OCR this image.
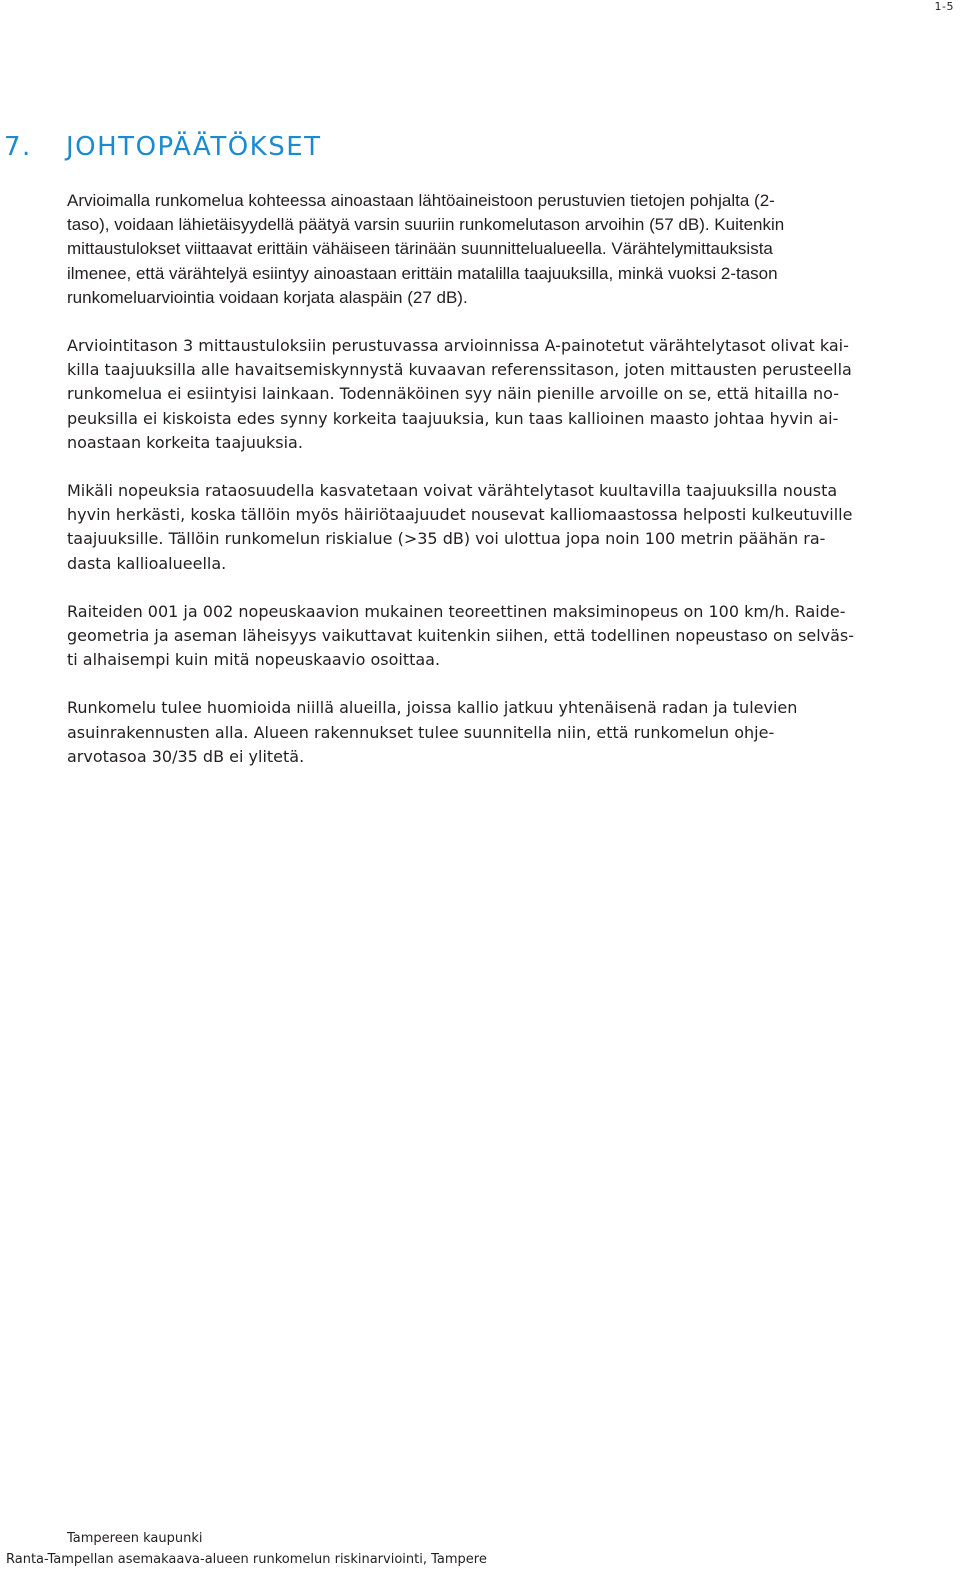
1-5
7. JOHTOPÄÄTÖKSET

Arvioimalla runkomelua kohteessa ainoastaan lähtöaineistoon perustuvien tietojen pohjalta (2-
taso), voidaan lähietäisyydellä päätyä varsin suuriin runkomelutason arvoihin (57 dB). Kuitenkin
mittaustulokset viittaavat erittäin vähäiseen tärinään suunnittelualueella. Värähtelymittauksista
ilmenee, että värähtelyä esiintyy ainoastaan erittäin matalilla taajuuksilla, minkä vuoksi 2-tason
runkomeluarviointia voidaan korjata alaspäin (27 dB).

Arviointitason 3 mittaustuloksiin perustuvassa arvioinnissa A-painotetut värähtelytasot olivat kai-
killa taajuuksilla alle havaitsemiskynnystä kuvaavan referenssitason, joten mittausten perusteella
runkomelua ei esiintyisi lainkaan. Todennäköinen syy näin pienille arvoille on se, että hitailla no-
peuksilla ei kiskoista edes synny korkeita taajuuksia, kun taas kallioinen maasto johtaa hyvin ai-
noastaan korkeita taajuuksia.

Mikäli nopeuksia rataosuudella kasvatetaan voivat värähtelytasot kuultavilla taajuuksilla nousta
hyvin herkästi, koska tällöin myös häiriötaajuudet nousevat kalliomaastossa helposti kulkeutuville
taajuuksille. Tällöin runkomelun riskialue (>35 dB) voi ulottua jopa noin 100 metrin päähän ra-
dasta kallioalueella.

Raiteiden 001 ja 002 nopeuskaavion mukainen teoreettinen maksiminopeus on 100 km/h. Raide-
geometria ja aseman läheisyys vaikuttavat kuitenkin siihen, että todellinen nopeustaso on selväs-
ti alhaisempi kuin mitä nopeuskaavio osoittaa.

Runkomelu tulee huomioida niillä alueilla, joissa kallio jatkuu yhtenäisenä radan ja tulevien
asuinrakennusten alla. Alueen rakennukset tulee suunnitella niin, että runkomelun ohje-
arvotasoa 30/35 dB ei ylitetä.

Tampereen kaupunki
Ranta-Tampellan asemakaava-alueen runkomelun riskinarviointi, Tampere
